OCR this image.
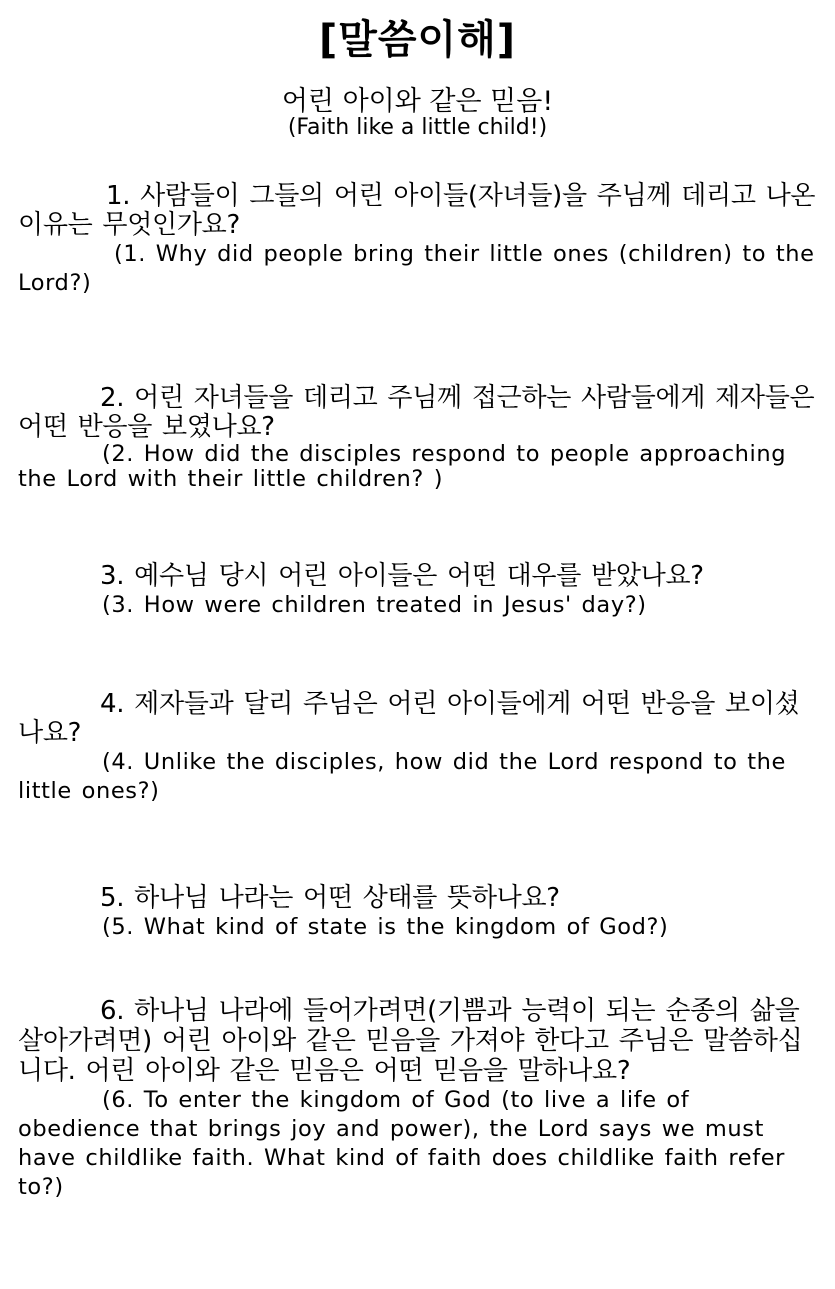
[말씀이해]
어린 아이와 같은 믿음!
(Faith like a little child!)
1. 사람들이 그들의 어린 아이들(자녀들)을 주님께 데리고 나온 이유는 무엇인가요?
(1. Why did people bring their little ones (children) to the Lord?)
2. 어린 자녀들을 데리고 주님께 접근하는 사람들에게 제자들은 어떤 반응을 보였나요?
(2. How did the disciples respond to people approaching the Lord with their little children? )
3. 예수님 당시 어린 아이들은 어떤 대우를 받았나요?
(3. How were children treated in Jesus' day?)
4. 제자들과 달리 주님은 어린 아이들에게 어떤 반응을 보이셨나요?
(4. Unlike the disciples, how did the Lord respond to the little ones?)
5. 하나님 나라는 어떤 상태를 뜻하나요?
(5. What kind of state is the kingdom of God?)
6. 하나님 나라에 들어가려면(기쁨과 능력이 되는 순종의 삶을 살아가려면) 어린 아이와 같은 믿음을 가져야 한다고 주님은 말씀하십니다. 어린 아이와 같은 믿음은 어떤 믿음을 말하나요?
(6. To enter the kingdom of God (to live a life of obedience that brings joy and power), the Lord says we must have childlike faith. What kind of faith does childlike faith refer to?)
